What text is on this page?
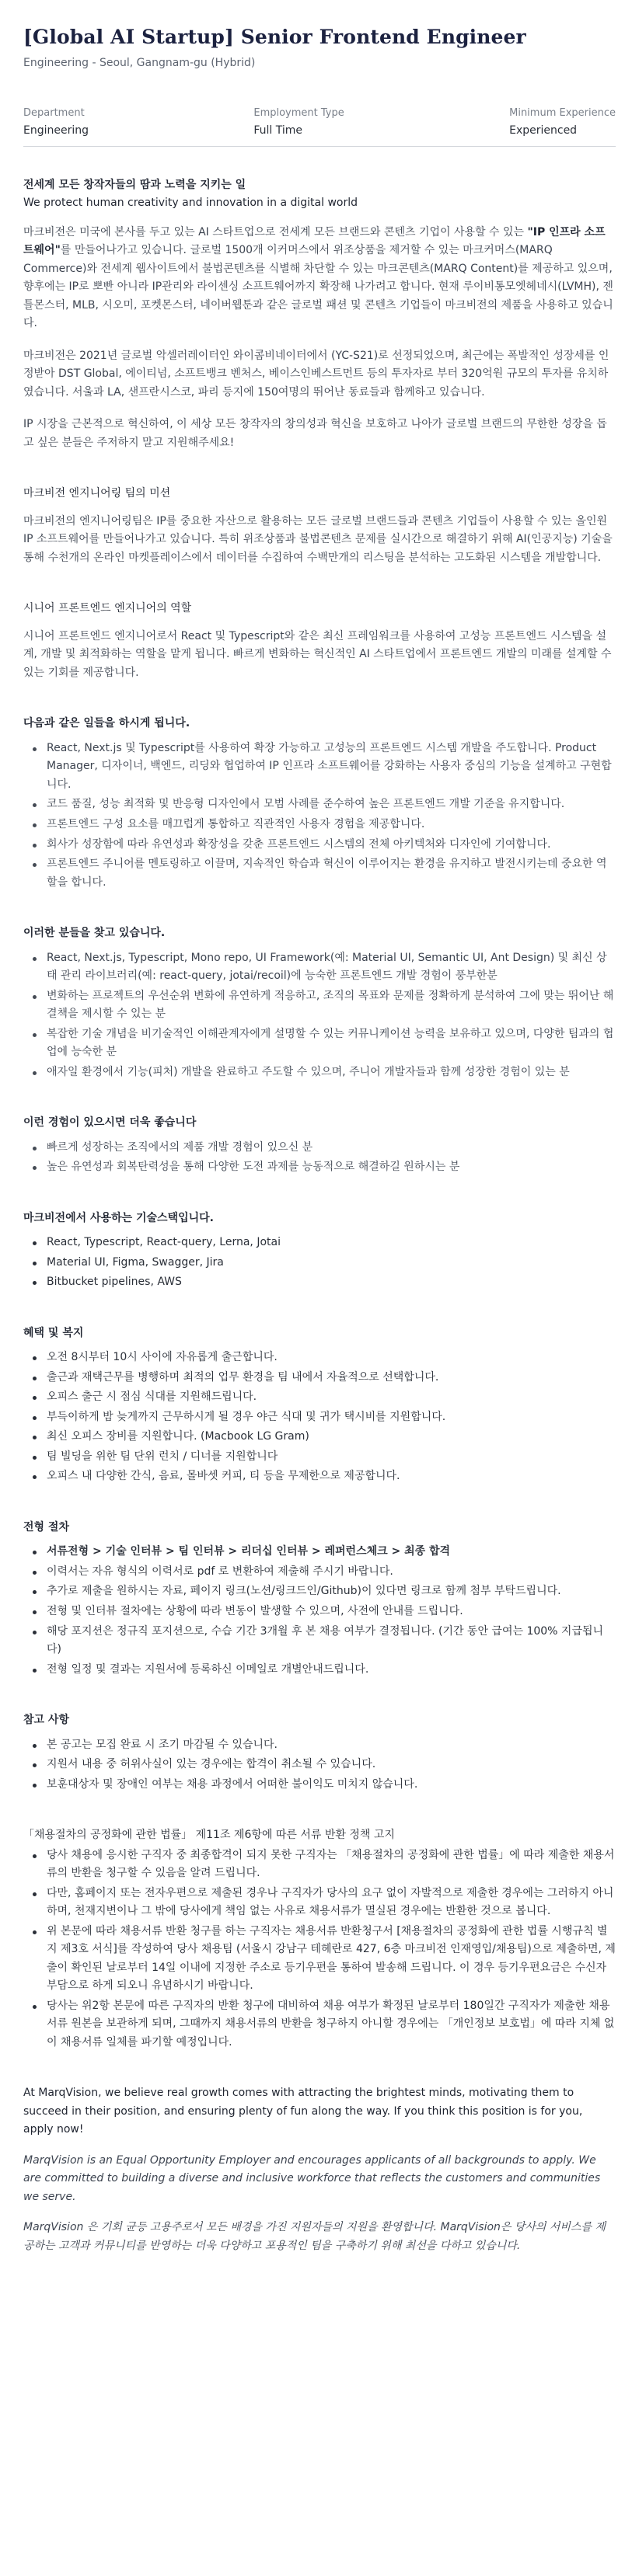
[Global AI Startup] Senior Frontend Engineer
Engineering - Seoul, Gangnam-gu (Hybrid)
Department
Engineering
Employment Type
Full Time
Minimum Experience
Experienced
전세계 모든 창작자들의 땀과 노력을 지키는 일
We protect human creativity and innovation in a digital world

마크비전은 미국에 본사를 두고 있는 AI 스타트업으로 전세계 모든 브랜드와 콘텐츠 기업이 사용할 수 있는 "IP 인프라 소프트웨어"를 만들어나가고 있습니다. 글로벌 1500개 이커머스에서 위조상품을 제거할 수 있는 마크커머스(MARQ Commerce)와 전세계 웹사이트에서 불법콘텐츠를 식별해 차단할 수 있는 마크콘텐츠(MARQ Content)를 제공하고 있으며, 향후에는 IP로 뽀빤 아니라 IP관리와 라이센싱 소프트웨어까지 확장해 나가려고 합니다. 현재 루이비통모엣헤네시(LVMH), 젠틀몬스터, MLB, 시오미, 포켓몬스터, 네이버웹툰과 같은 글로벌 패션 및 콘텐츠 기업들이 마크비전의 제품을 사용하고 있습니다.

마크비전은 2021년 글로벌 악셀러레이터인 와이콤비네이터에서 (YC-S21)로 선정되었으며, 최근에는 폭발적인 성장세를 인정받아 DST Global, 에이티넘, 소프트뱅크 벤처스, 베이스인베스트먼트 등의 투자자로 부터 320억원 규모의 투자를 유치하였습니다. 서울과 LA, 샌프란시스코, 파리 등지에 150여명의 뛰어난 동료들과 함께하고 있습니다.

IP 시장을 근본적으로 혁신하여, 이 세상 모든 창작자의 창의성과 혁신을 보호하고 나아가 글로벌 브랜드의 무한한 성장을 돕고 싶은 분들은 주저하지 말고 지원해주세요!

마크비전 엔지니어링 팀의 미션

마크비전의 엔지니어링팀은 IP를 중요한 자산으로 활용하는 모든 글로벌 브랜드들과 콘텐츠 기업들이 사용할 수 있는 올인원 IP 소프트웨어를 만들어나가고 있습니다. 특히 위조상품과 불법콘텐츠 문제를 실시간으로 해결하기 위해 AI(인공지능) 기술을 통해 수천개의 온라인 마켓플레이스에서 데이터를 수집하여 수백만개의 리스팅을 분석하는 고도화된 시스템을 개발합니다.

시니어 프론트엔드 엔지니어의 역할

시니어 프론트엔드 엔지니어로서 React 및 Typescript와 같은 최신 프레임워크를 사용하여 고성능 프론트엔드 시스템을 설계, 개발 및 최적화하는 역할을 맡게 됩니다. 빠르게 변화하는 혁신적인 AI 스타트업에서 프론트엔드 개발의 미래를 설계할 수 있는 기회를 제공합니다.

다음과 같은 일들을 하시게 됩니다.
React, Next.js 및 Typescript를 사용하여 확장 가능하고 고성능의 프론트엔드 시스템 개발을 주도합니다. Product Manager, 디자이너, 백엔드, 리딩와 협업하여 IP 인프라 소프트웨어를 강화하는 사용자 중심의 기능을 설계하고 구현합니다.
코드 품질, 성능 최적화 및 반응형 디자인에서 모범 사례를 준수하여 높은 프론트엔드 개발 기준을 유지합니다.
프론트엔드 구성 요소를 매끄럽게 통합하고 직관적인 사용자 경험을 제공합니다.
회사가 성장함에 따라 유연성과 확장성을 갖춘 프론트엔드 시스템의 전체 아키텍처와 디자인에 기여합니다.
프론트엔드 주니어를 멘토링하고 이끌며, 지속적인 학습과 혁신이 이루어지는 환경을 유지하고 발전시키는데 중요한 역할을 합니다.
이러한 분들을 찾고 있습니다.
React, Next.js, Typescript, Mono repo, UI Framework(예: Material UI, Semantic UI, Ant Design) 및 최신 상태 관리 라이브러리(예: react-query, jotai/recoil)에 능숙한 프론트엔드 개발 경험이 풍부한분
변화하는 프로젝트의 우선순위 변화에 유연하게 적응하고, 조직의 목표와 문제를 정확하게 분석하여 그에 맞는 뛰어난 해결책을 제시할 수 있는 분
복잡한 기술 개념을 비기술적인 이해관계자에게 설명할 수 있는 커뮤니케이션 능력을 보유하고 있으며, 다양한 팀과의 협업에 능숙한 분
애자일 환경에서 기능(피처) 개발을 완료하고 주도할 수 있으며, 주니어 개발자들과 함께 성장한 경험이 있는 분
이런 경험이 있으시면 더욱 좋습니다
빠르게 성장하는 조직에서의 제품 개발 경험이 있으신 분
높은 유연성과 회복탄력성을 통해 다양한 도전 과제를 능동적으로 해결하길 원하시는 분
마크비전에서 사용하는 기술스택입니다.
React, Typescript, React-query, Lerna, Jotai
Material UI, Figma, Swagger, Jira
Bitbucket pipelines, AWS
혜택 및 복지
오전 8시부터 10시 사이에 자유롭게 출근합니다.
출근과 재택근무를 병행하며 최적의 업무 환경을 팀 내에서 자율적으로 선택합니다.
오피스 출근 시 점심 식대를 지원해드립니다.
부득이하게 밤 늦게까지 근무하시게 될 경우 야근 식대 및 귀가 택시비를 지원합니다.
최신 오피스 장비를 지원합니다. (Macbook LG Gram)
팀 빌딩을 위한 팀 단위 런치 / 디너를 지원합니다
오피스 내 다양한 간식, 음료, 몰바셋 커피, 티 등을 무제한으로 제공합니다.
전형 절차
서류전형 > 기술 인터뷰 > 팀 인터뷰 > 리더십 인터뷰 > 레퍼런스체크 > 최종 합격
이력서는 자유 형식의 이력서로 pdf 로 변환하여 제출해 주시기 바랍니다.
추가로 제출을 원하시는 자료, 페이지 링크(노션/링크드인/Github)이 있다면 링크로 함께 첨부 부탁드립니다.
전형 및 인터뷰 절차에는 상황에 따라 변동이 발생할 수 있으며, 사전에 안내를 드립니다.
해당 포지션은 정규직 포지션으로, 수습 기간 3개월 후 본 채용 여부가 결정됩니다. (기간 동안 급여는 100% 지급됩니다)
전형 일정 및 결과는 지원서에 등록하신 이메일로 개별안내드립니다.
참고 사항
본 공고는 모집 완료 시 조기 마감될 수 있습니다.
지원서 내용 중 허위사실이 있는 경우에는 합격이 취소될 수 있습니다.
보훈대상자 및 장애인 여부는 채용 과정에서 어떠한 불이익도 미치지 않습니다.
「채용절차의 공정화에 관한 법률」 제11조 제6항에 따른 서류 반환 정책 고지
당사 채용에 응시한 구직자 중 최종합격이 되지 못한 구직자는 「채용절차의 공정화에 관한 법률」에 따라 제출한 채용서류의 반환을 청구할 수 있음을 알려 드립니다.
다만, 홈페이지 또는 전자우편으로 제출된 경우나 구직자가 당사의 요구 없이 자발적으로 제출한 경우에는 그러하지 아니하며, 천재지변이나 그 밖에 당사에게 책임 없는 사유로 채용서류가 멸실된 경우에는 반환한 것으로 봅니다.
위 본문에 따라 채용서류 반환 청구를 하는 구직자는 채용서류 반환청구서 [채용절차의 공정화에 관한 법률 시행규칙 별지 제3호 서식]를 작성하여 당사 채용팀 (서울시 강남구 테헤란로 427, 6층 마크비전 인재영입/채용팀)으로 제출하면, 제출이 확인된 날로부터 14일 이내에 지정한 주소로 등기우편을 통하여 발송해 드립니다. 이 경우 등기우편요금은 수신자 부담으로 하게 되오니 유념하시기 바랍니다.
당사는 위2항 본문에 따른 구직자의 반환 청구에 대비하여 채용 여부가 확정된 날로부터 180일간 구직자가 제출한 채용서류 원본을 보관하게 되며, 그때까지 채용서류의 반환을 청구하지 아니할 경우에는 「개인정보 보호법」에 따라 지체 없이 채용서류 일체를 파기할 예정입니다.

At MarqVision, we believe real growth comes with attracting the brightest minds, motivating them to succeed in their position, and ensuring plenty of fun along the way. If you think this position is for you, apply now!

MarqVision is an Equal Opportunity Employer and encourages applicants of all backgrounds to apply. We are committed to building a diverse and inclusive workforce that reflects the customers and communities we serve.

MarqVision 은 기회 균등 고용주로서 모든 배경을 가진 지원자들의 지원을 환영합니다. MarqVision은 당사의 서비스를 제공하는 고객과 커뮤니티를 반영하는 더욱 다양하고 포용적인 팀을 구축하기 위해 최선을 다하고 있습니다.
